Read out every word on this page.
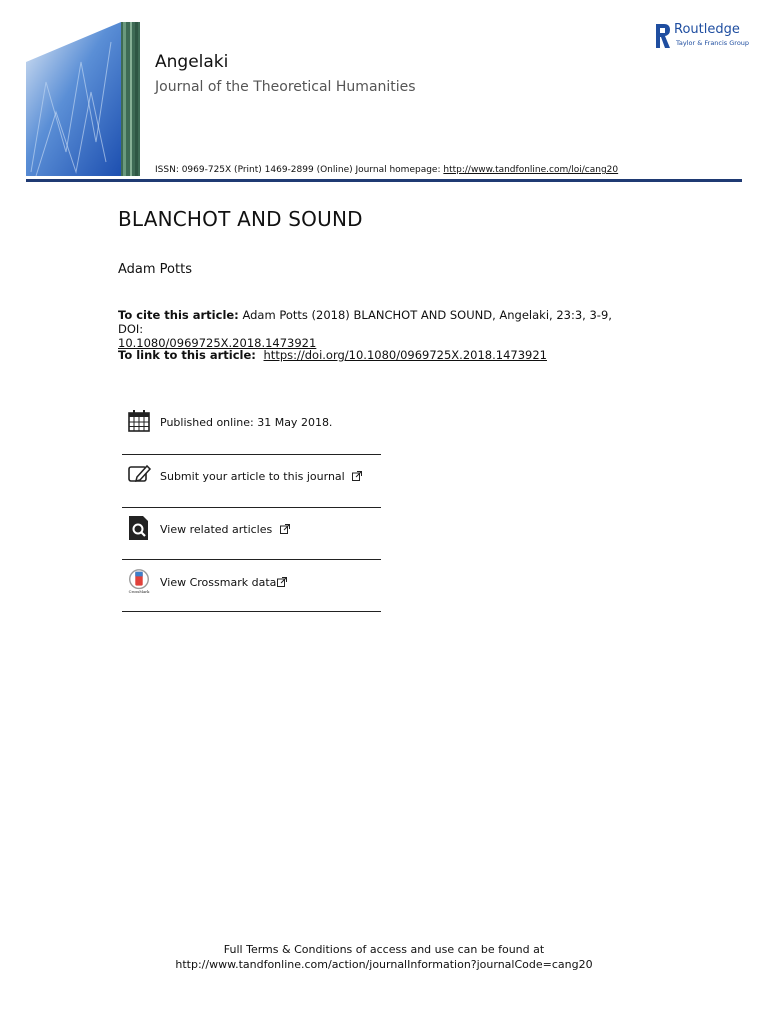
Angelaki
Journal of the Theoretical Humanities
ISSN: 0969-725X (Print) 1469-2899 (Online) Journal homepage: http://www.tandfonline.com/loi/cang20
Routledge
Taylor & Francis Group
BLANCHOT AND SOUND
Adam Potts
To cite this article: Adam Potts (2018) BLANCHOT AND SOUND, Angelaki, 23:3, 3-9, DOI:
10.1080/0969725X.2018.1473921
To link to this article: https://doi.org/10.1080/0969725X.2018.1473921
Published online: 31 May 2018.
Submit your article to this journal
View related articles
CrossMark
View Crossmark data
Full Terms & Conditions of access and use can be found at
http://www.tandfonline.com/action/journalInformation?journalCode=cang20
